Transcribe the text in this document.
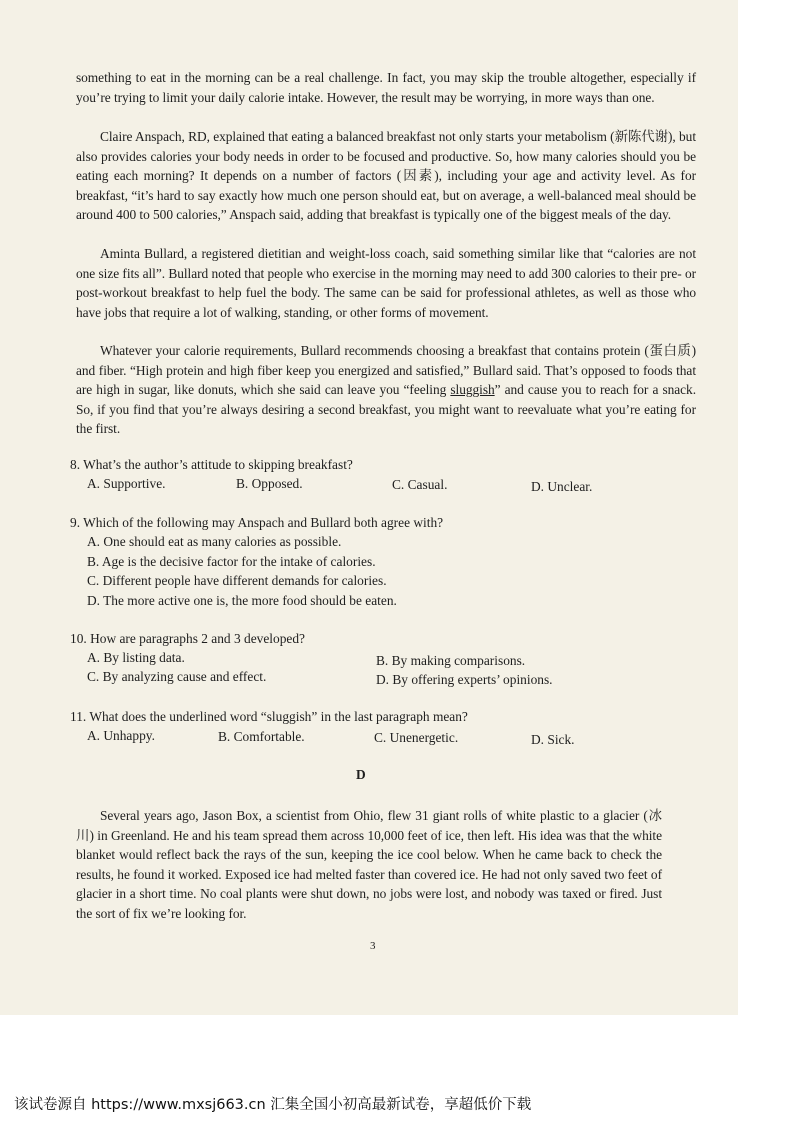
something to eat in the morning can be a real challenge. In fact, you may skip the trouble altogether, especially if you’re trying to limit your daily calorie intake. However, the result may be worrying, in more ways than one.

Claire Anspach, RD, explained that eating a balanced breakfast not only starts your metabolism (新陈代谢), but also provides calories your body needs in order to be focused and productive. So, how many calories should you be eating each morning? It depends on a number of factors (因素), including your age and activity level. As for breakfast, “it’s hard to say exactly how much one person should eat, but on average, a well-balanced meal should be around 400 to 500 calories,” Anspach said, adding that breakfast is typically one of the biggest meals of the day.

Aminta Bullard, a registered dietitian and weight-loss coach, said something similar like that “calories are not one size fits all”. Bullard noted that people who exercise in the morning may need to add 300 calories to their pre- or post-workout breakfast to help fuel the body. The same can be said for professional athletes, as well as those who have jobs that require a lot of walking, standing, or other forms of movement.

Whatever your calorie requirements, Bullard recommends choosing a breakfast that contains protein (蛋白质) and fiber. “High protein and high fiber keep you energized and satisfied,” Bullard said. That’s opposed to foods that are high in sugar, like donuts, which she said can leave you “feeling sluggish” and cause you to reach for a snack. So, if you find that you’re always desiring a second breakfast, you might want to reevaluate what you’re eating for the first.

8. What’s the author’s attitude to skipping breakfast?

A. Supportive.	B. Opposed.	C. Casual.	D. Unclear.

9. Which of the following may Anspach and Bullard both agree with?

A. One should eat as many calories as possible.

B. Age is the decisive factor for the intake of calories.

C. Different people have different demands for calories.

D. The more active one is, the more food should be eaten.

10. How are paragraphs 2 and 3 developed?

A. By listing data.	B. By making comparisons.

C. By analyzing cause and effect.	D. By offering experts’ opinions.

11. What does the underlined word “sluggish” in the last paragraph mean?

A. Unhappy.	B. Comfortable.	C. Unenergetic.	D. Sick.

D

Several years ago, Jason Box, a scientist from Ohio, flew 31 giant rolls of white plastic to a glacier (冰川) in Greenland. He and his team spread them across 10,000 feet of ice, then left. His idea was that the white blanket would reflect back the rays of the sun, keeping the ice cool below. When he came back to check the results, he found it worked. Exposed ice had melted faster than covered ice. He had not only saved two feet of glacier in a short time. No coal plants were shut down, no jobs were lost, and nobody was taxed or fired. Just the sort of fix we’re looking for.

3
该试卷源自 https://www.mxsj663.cn 汇集全国小初高最新试卷，享超低价下载
